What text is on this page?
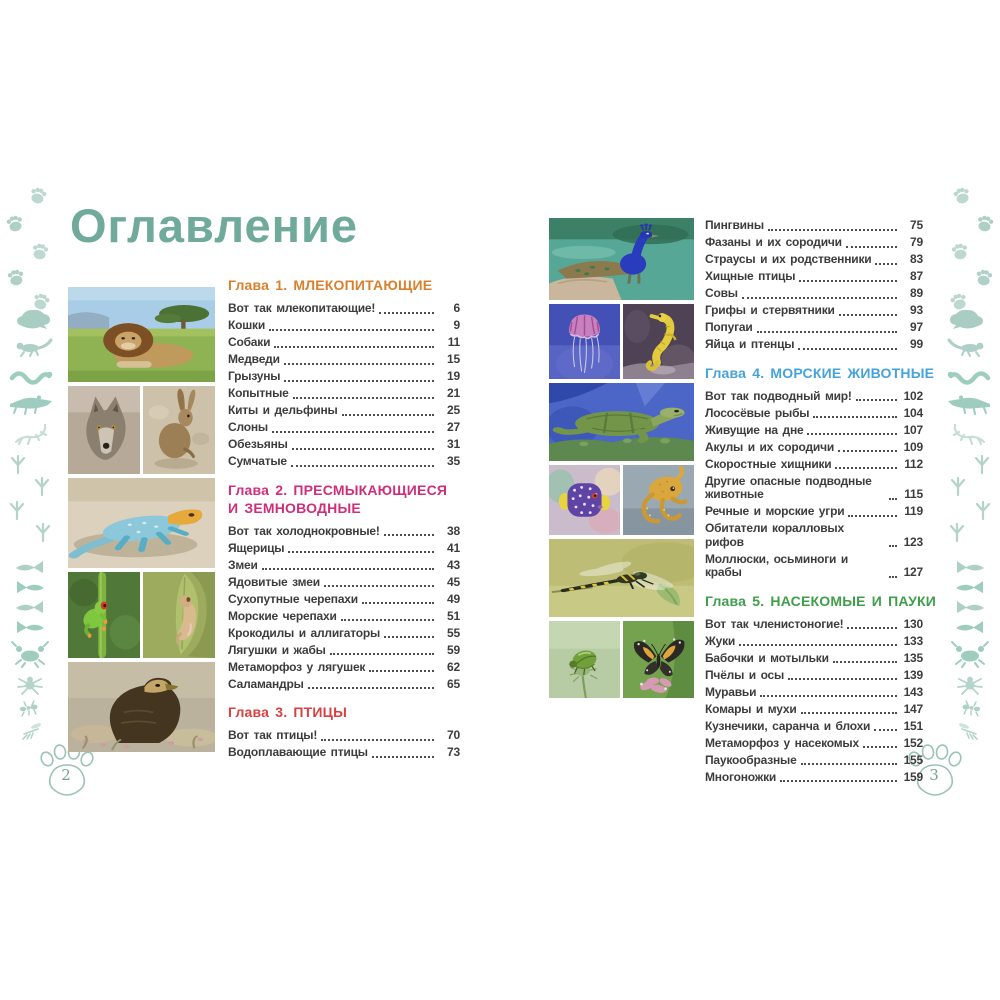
2	3
Оглавление
Глава 1. МЛЕКОПИТАЮЩИЕ
Вот так млекопитающие!	6
Кошки	9
Собаки	11
Медведи	15
Грызуны	19
Копытные	21
Киты и дельфины	25
Слоны	27
Обезьяны	31
Сумчатые	35
Глава 2. ПРЕСМЫКАЮЩИЕСЯ
И ЗЕМНОВОДНЫЕ
Вот так холоднокровные!	38
Ящерицы	41
Змеи	43
Ядовитые змеи	45
Сухопутные черепахи	49
Морские черепахи	51
Крокодилы и аллигаторы	55
Лягушки и жабы	59
Метаморфоз у лягушек	62
Саламандры	65
Глава 3. ПТИЦЫ
Вот так птицы!	70
Водоплавающие птицы	73
Пингвины	75
Фазаны и их сородичи	79
Страусы и их родственники	83
Хищные птицы	87
Совы	89
Грифы и стервятники	93
Попугаи	97
Яйца и птенцы	99
Глава 4. МОРСКИЕ ЖИВОТНЫЕ
Вот так подводный мир!	102
Лососёвые рыбы	104
Живущие на дне	107
Акулы и их сородичи	109
Скоростные хищники	112
Другие опасные подводные животные	115
Речные и морские угри	119
Обитатели коралловых рифов	123
Моллюски, осьминоги и крабы	127
Глава 5. НАСЕКОМЫЕ И ПАУКИ
Вот так членистоногие!	130
Жуки	133
Бабочки и мотыльки	135
Пчёлы и осы	139
Муравьи	143
Комары и мухи	147
Кузнечики, саранча и блохи	151
Метаморфоз у насекомых	152
Паукообразные	155
Многоножки	159
